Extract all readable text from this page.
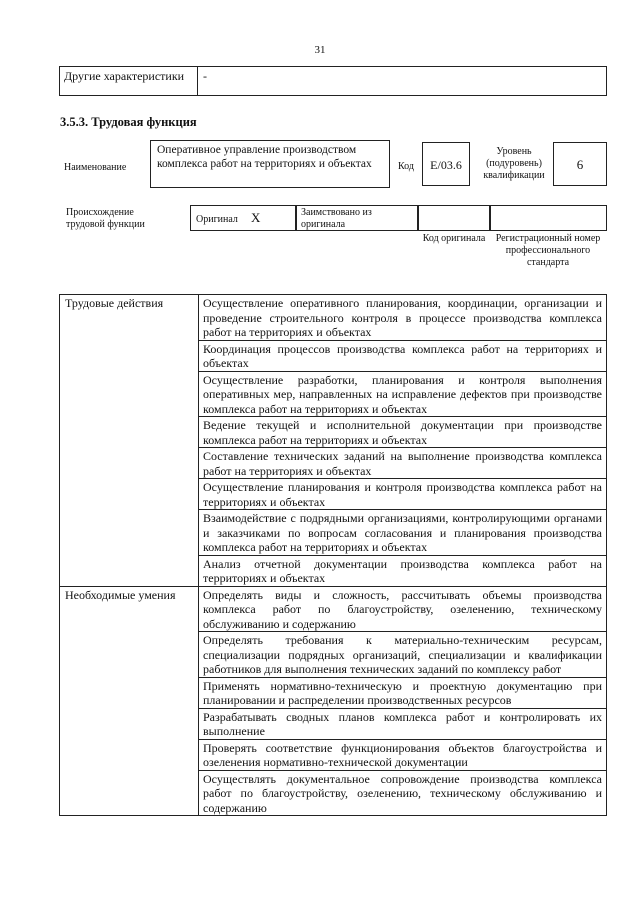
31
Другие характеристики	-
3.5.3. Трудовая функция
Наименование
Оперативное управление производством комплекса работ на территориях и объектах	Код	E/03.6
Уровень (подуровень) квалификации
6
Происхождение трудовой функции	Оригинал X	Заимствовано из оригинала
Код оригинала	Регистрационный номер профессионального стандарта
Трудовые действия	Осуществление оперативного планирования, координации, организации и проведение строительного контроля в процессе производства комплекса работ на территориях и объектах
	Координация процессов производства комплекса работ на территориях и объектах
	Осуществление разработки, планирования и контроля выполнения оперативных мер, направленных на исправление дефектов при производстве комплекса работ на территориях и объектах
	Ведение текущей и исполнительной документации при производстве комплекса работ на территориях и объектах
	Составление технических заданий на выполнение производства комплекса работ на территориях и объектах
	Осуществление планирования и контроля производства комплекса работ на территориях и объектах
	Взаимодействие с подрядными организациями, контролирующими органами и заказчиками по вопросам согласования и планирования производства комплекса работ на территориях и объектах
	Анализ отчетной документации производства комплекса работ на территориях и объектах
Необходимые умения	Определять виды и сложность, рассчитывать объемы производства комплекса работ по благоустройству, озеленению, техническому обслуживанию и содержанию
	Определять требования к материально-техническим ресурсам, специализации подрядных организаций, специализации и квалификации работников для выполнения технических заданий по комплексу работ
	Применять нормативно-техническую и проектную документацию при планировании и распределении производственных ресурсов
	Разрабатывать сводных планов комплекса работ и контролировать их выполнение
	Проверять соответствие функционирования объектов благоустройства и озеленения нормативно-технической документации
	Осуществлять документальное сопровождение производства комплекса работ по благоустройству, озеленению, техническому обслуживанию и содержанию
